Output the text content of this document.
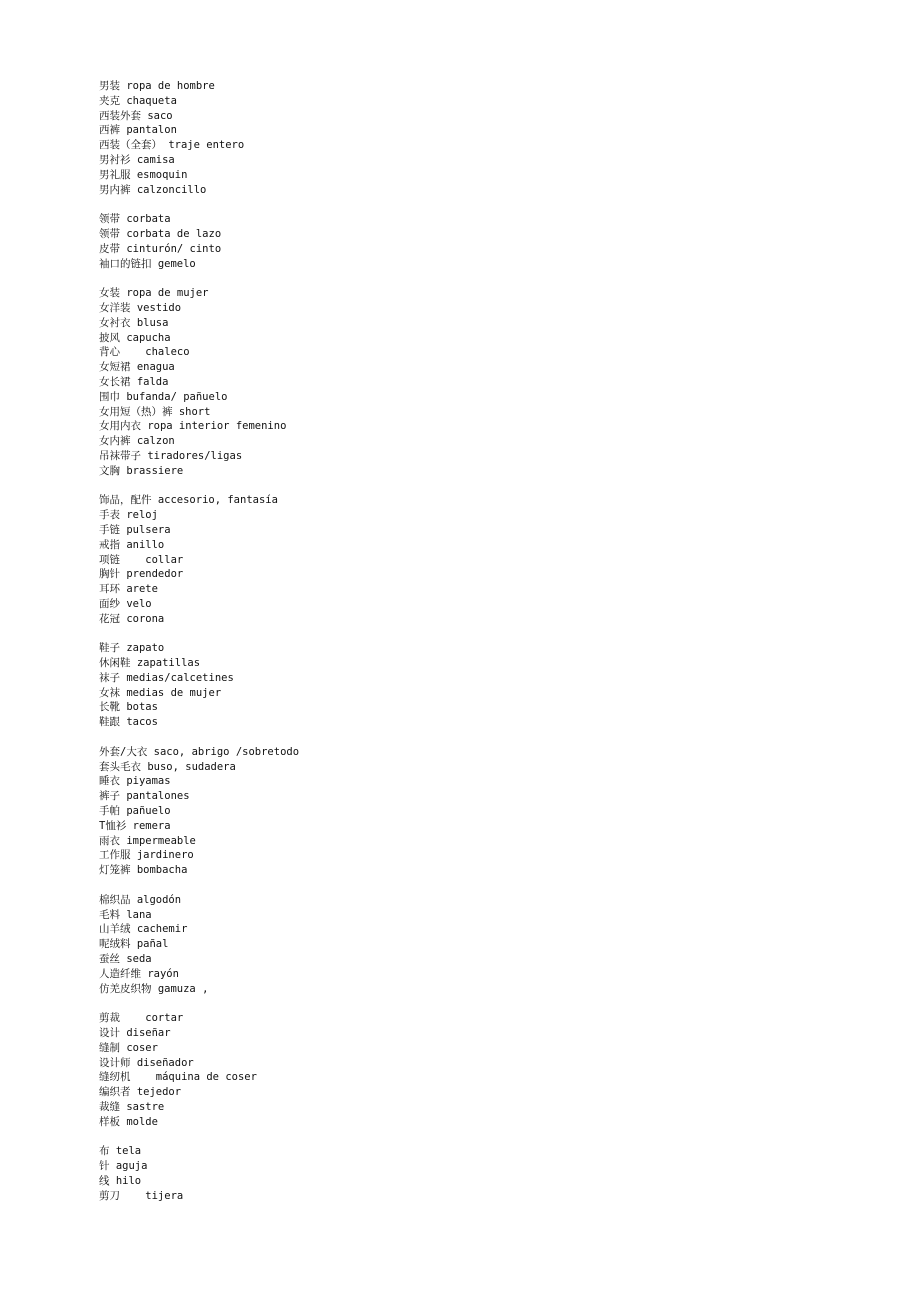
男装 ropa de hombre
夹克 chaqueta
西装外套 saco
西裤 pantalon
西装（全套） traje entero
男衬衫 camisa
男礼服 esmoquin
男内裤 calzoncillo
领带 corbata
领带 corbata de lazo
皮带 cinturón/ cinto
袖口的链扣 gemelo
女装 ropa de mujer
女洋装 vestido
女衬衣 blusa
披风 capucha
背心    chaleco
女短裙 enagua
女长裙 falda
围巾 bufanda/ pañuelo
女用短（热）裤 short
女用内衣 ropa interior femenino
女内裤 calzon
吊袜带子 tiradores/ligas
文胸 brassiere
饰品，配件 accesorio, fantasía
手表 reloj
手链 pulsera
戒指 anillo
项链    collar
胸针 prendedor
耳环 arete
面纱 velo
花冠 corona
鞋子 zapato
休闲鞋 zapatillas
袜子 medias/calcetines
女袜 medias de mujer
长靴 botas
鞋跟 tacos
外套/大衣 saco, abrigo /sobretodo
套头毛衣 buso, sudadera
睡衣 piyamas
裤子 pantalones
手帕 pañuelo
T恤衫 remera
雨衣 impermeable
工作服 jardinero
灯笼裤 bombacha
棉织品 algodón
毛料 lana
山羊绒 cachemir
呢绒料 pañal
蚕丝 seda
人造纤维 rayón
仿羌皮织物 gamuza ,
剪裁    cortar
设计 diseñar
缝制 coser
设计师 diseñador
缝纫机    máquina de coser
编织者 tejedor
裁缝 sastre
样板 molde
布 tela
针 aguja
线 hilo
剪刀    tijera
